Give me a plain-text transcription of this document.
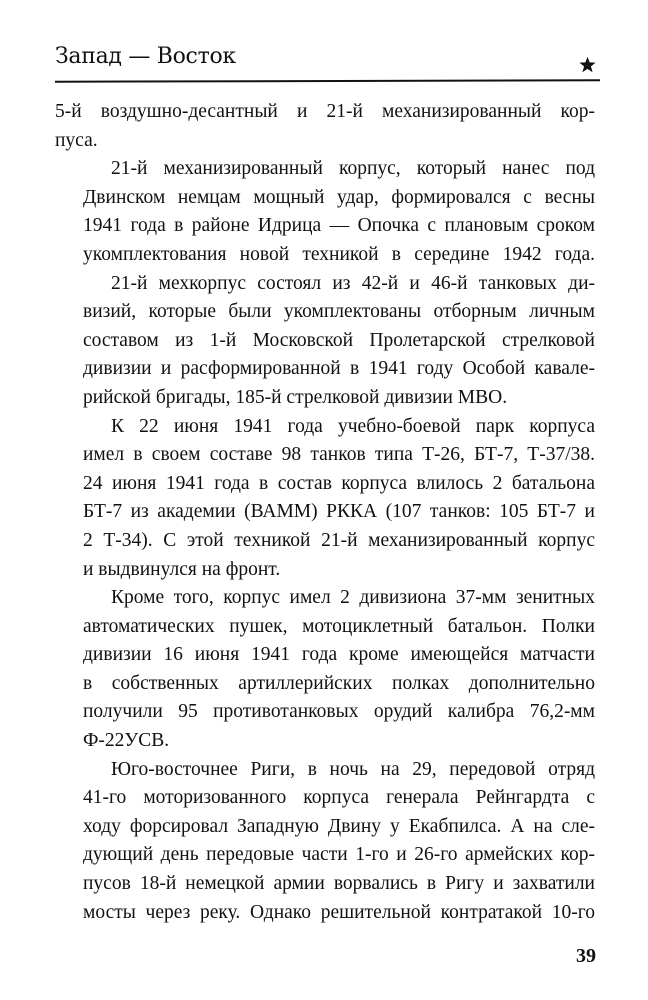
Запад — Восток
5-й воздушно-десантный и 21-й механизированный кор-
пуса.
21-й механизированный корпус, который нанес под
Двинском немцам мощный удар, формировался с весны
1941 года в районе Идрица — Опочка с плановым сроком
укомплектования новой техникой в середине 1942 года.
21-й мехкорпус состоял из 42-й и 46-й танковых ди-
визий, которые были укомплектованы отборным личным
составом из 1-й Московской Пролетарской стрелковой
дивизии и расформированной в 1941 году Особой кавале-
рийской бригады, 185-й стрелковой дивизии МВО.
К 22 июня 1941 года учебно-боевой парк корпуса
имел в своем составе 98 танков типа Т-26, БТ-7, Т-37/38.
24 июня 1941 года в состав корпуса влилось 2 батальона
БТ-7 из академии (ВАММ) РККА (107 танков: 105 БТ-7 и
2 Т-34). С этой техникой 21-й механизированный корпус
и выдвинулся на фронт.
Кроме того, корпус имел 2 дивизиона 37-мм зенитных
автоматических пушек, мотоциклетный батальон. Полки
дивизии 16 июня 1941 года кроме имеющейся матчасти
в собственных артиллерийских полках дополнительно
получили 95 противотанковых орудий калибра 76,2-мм
Ф-22УСВ.
Юго-восточнее Риги, в ночь на 29, передовой отряд
41-го моторизованного корпуса генерала Рейнгардта с
ходу форсировал Западную Двину у Екабпилса. А на сле-
дующий день передовые части 1-го и 26-го армейских кор-
пусов 18-й немецкой армии ворвались в Ригу и захватили
мосты через реку. Однако решительной контратакой 10-го
39
